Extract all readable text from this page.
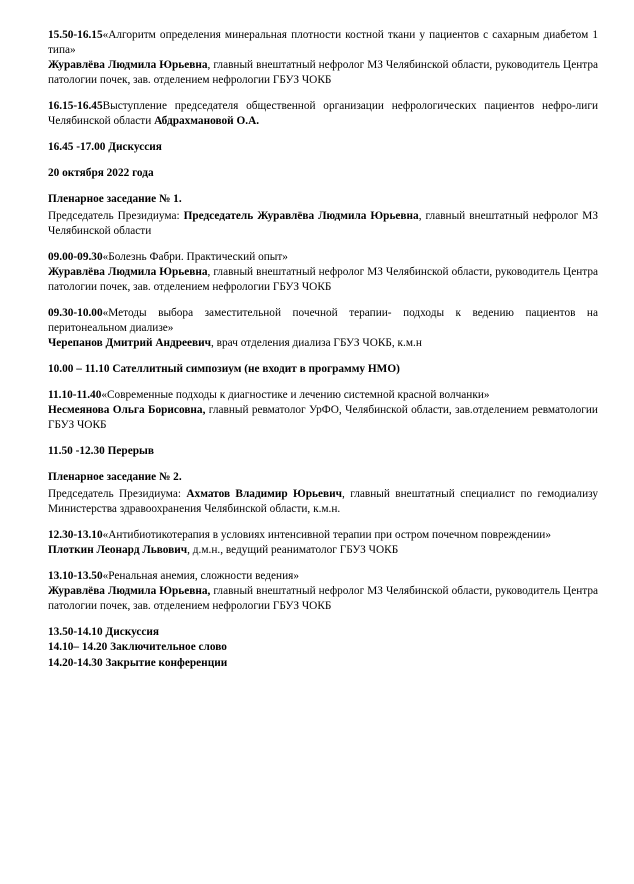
15.50-16.15«Алгоритм определения минеральная плотности костной ткани у пациентов с сахарным диабетом 1 типа»
Журавлёва Людмила Юрьевна, главный внештатный нефролог МЗ Челябинской области, руководитель Центра патологии почек, зав. отделением нефрологии ГБУЗ ЧОКБ

16.15-16.45Выступление председателя общественной организации нефрологических пациентов нефро-лиги Челябинской области Абдрахмановой О.А.

16.45 -17.00 Дискуссия

20 октября 2022 года

Пленарное заседание № 1.

Председатель Президиума: Председатель Журавлёва Людмила Юрьевна, главный внештатный нефролог МЗ Челябинской области

09.00-09.30«Болезнь Фабри. Практический опыт»
Журавлёва Людмила Юрьевна, главный внештатный нефролог МЗ Челябинской области, руководитель Центра патологии почек, зав. отделением нефрологии ГБУЗ ЧОКБ

09.30-10.00«Методы выбора заместительной почечной терапии- подходы к ведению пациентов на перитонеальном диализе»
Черепанов Дмитрий Андреевич, врач отделения диализа ГБУЗ ЧОКБ, к.м.н

10.00 – 11.10 Сателлитный симпозиум (не входит в программу НМО)

11.10-11.40«Современные подходы к диагностике и лечению системной красной волчанки»
Несмеянова Ольга Борисовна, главный ревматолог УрФО, Челябинской области, зав.отделением ревматологии ГБУЗ ЧОКБ

11.50 -12.30 Перерыв

Пленарное заседание № 2.

Председатель Президиума: Ахматов Владимир Юрьевич, главный внештатный специалист по гемодиализу Министерства здравоохранения Челябинской области, к.м.н.

12.30-13.10«Антибиотикотерапия в условиях интенсивной терапии при остром почечном повреждении»
Плоткин Леонард Львович, д.м.н., ведущий реаниматолог ГБУЗ ЧОКБ

13.10-13.50«Ренальная анемия, сложности ведения»
Журавлёва Людмила Юрьевна, главный внештатный нефролог МЗ Челябинской области, руководитель Центра патологии почек, зав. отделением нефрологии ГБУЗ ЧОКБ

13.50-14.10 Дискуссия
14.10– 14.20 Заключительное слово
14.20-14.30 Закрытие конференции
